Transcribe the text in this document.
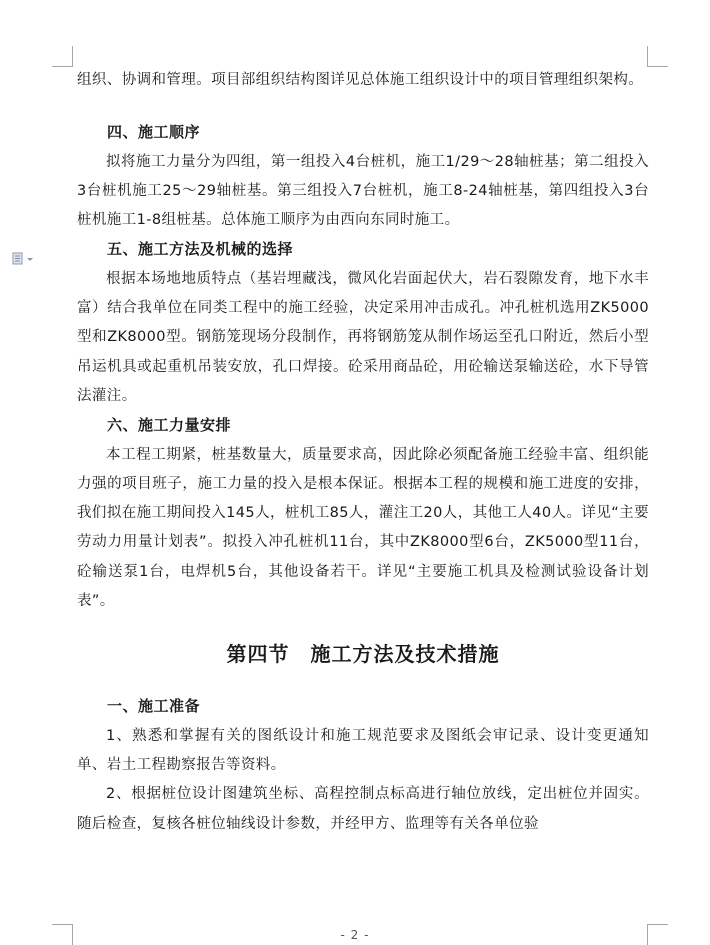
组织、协调和管理。项目部组织结构图详见总体施工组织设计中的项目管理组织架构。

四、施工顺序

拟将施工力量分为四组，第一组投入4台桩机，施工1/29～28轴桩基；第二组投入3台桩机施工25～29轴桩基。第三组投入7台桩机，施工8-24轴桩基，第四组投入3台桩机施工1-8组桩基。总体施工顺序为由西向东同时施工。

五、施工方法及机械的选择

根据本场地地质特点（基岩埋藏浅，微风化岩面起伏大，岩石裂隙发育，地下水丰富）结合我单位在同类工程中的施工经验，决定采用冲击成孔。冲孔桩机选用ZK5000型和ZK8000型。钢筋笼现场分段制作，再将钢筋笼从制作场运至孔口附近，然后小型吊运机具或起重机吊装安放，孔口焊接。砼采用商品砼，用砼输送泵输送砼，水下导管法灌注。

六、施工力量安排

本工程工期紧，桩基数量大，质量要求高，因此除必须配备施工经验丰富、组织能力强的项目班子，施工力量的投入是根本保证。根据本工程的规模和施工进度的安排，我们拟在施工期间投入145人，桩机工85人，灌注工20人，其他工人40人。详见“主要劳动力用量计划表”。拟投入冲孔桩机11台，其中ZK8000型6台，ZK5000型11台，砼输送泵1台，电焊机5台，其他设备若干。详见“主要施工机具及检测试验设备计划表”。

第四节　施工方法及技术措施

一、施工准备

1、熟悉和掌握有关的图纸设计和施工规范要求及图纸会审记录、设计变更通知单、岩土工程勘察报告等资料。

2、根据桩位设计图建筑坐标、高程控制点标高进行轴位放线，定出桩位并固实。随后检查，复核各桩位轴线设计参数，并经甲方、监理等有关各单位验

- 2 -
